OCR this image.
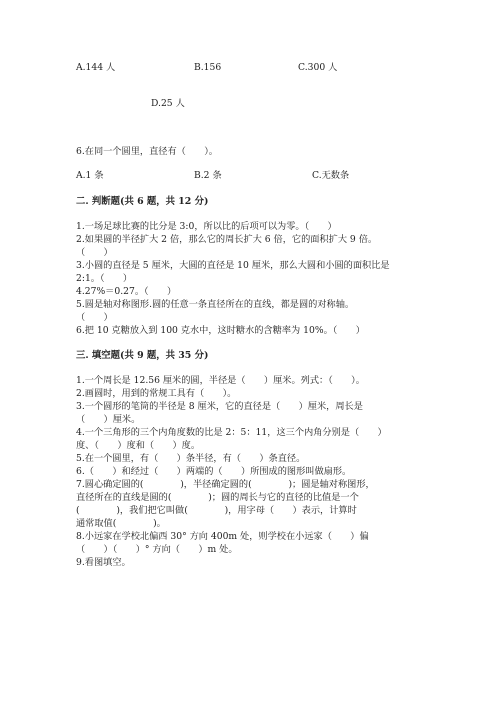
A.144 人	B.156	C.300 人
D.25 人
6.在同一个圆里，直径有（　　）。
A.1 条	B.2 条	C.无数条
二. 判断题(共 6 题，共 12 分)
1.一场足球比赛的比分是 3:0，所以比的后项可以为零。（　　）
2.如果圆的半径扩大 2 倍，那么它的周长扩大 6 倍，它的面积扩大 9 倍。
（　　）
3.小圆的直径是 5 厘米，大圆的直径是 10 厘米，那么大圆和小圆的面积比是
2:1。（　　）
4.27%＝0.27。（　　）
5.圆是轴对称图形.圆的任意一条直径所在的直线，都是圆的对称轴。
（　　）
6.把 10 克糖放入到 100 克水中，这时糖水的含糖率为 10%。（　　）
三. 填空题(共 9 题，共 35 分)
1.一个周长是 12.56 厘米的圆，半径是（　　）厘米。列式：（　　）。
2.画圆时，用到的常规工具有（　　）。
3.一个圆形的笔筒的半径是 8 厘米，它的直径是（　　）厘米，周长是
（　　）厘米。
4.一个三角形的三个内角度数的比是 2：5：11，这三个内角分别是（　　）
度、（　　）度和（　　）度。
5.在一个圆里，有（　　）条半径，有（　　）条直径。
6.（　　）和经过（　　）两端的（　　）所围成的图形叫做扇形。
7.圆心确定圆的(　　　　)，半径确定圆的(　　　　)；圆是轴对称图形，
直径所在的直线是圆的(　　　　)；圆的周长与它的直径的比值是一个
(　　　　)，我们把它叫做(　　　　)，用字母（　　）表示，计算时
通常取值(　　　　)。
8.小远家在学校北偏西 30° 方向 400m 处，则学校在小远家（　　）偏
（　　）（　　）° 方向（　　）m 处。
9.看图填空。
